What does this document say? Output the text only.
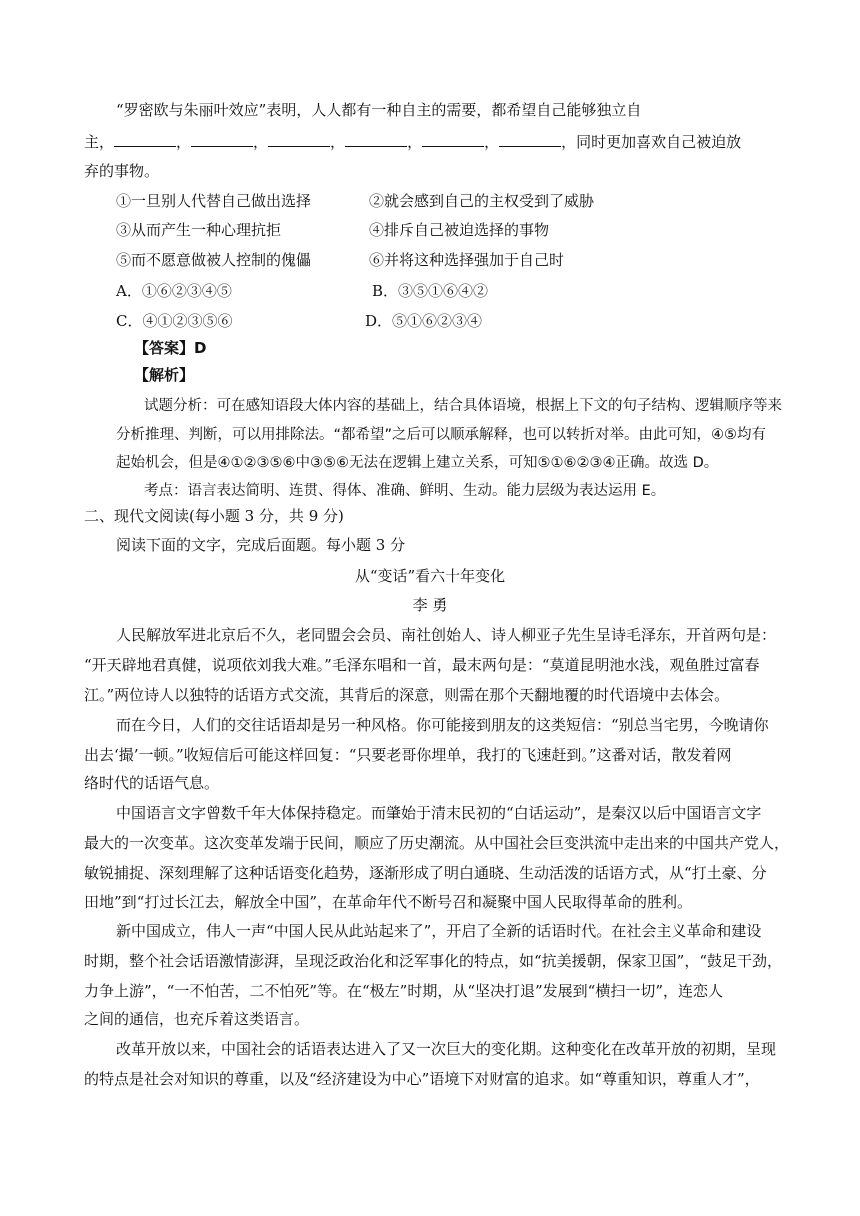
“罗密欧与朱丽叶效应”表明，人人都有一种自主的需要，都希望自己能够独立自
主，	，	，	，	，	，	，同时更加喜欢自己被迫放
弃的事物。
①一旦别人代替自己做出选择	②就会感到自己的主权受到了威胁
③从而产生一种心理抗拒	④排斥自己被迫选择的事物
⑤而不愿意做被人控制的傀儡	⑥并将这种选择强加于自己时
A．①⑥②③④⑤	B．③⑤①⑥④②
C．④①②③⑤⑥	D．⑤①⑥②③④
【答案】D
【解析】
试题分析：可在感知语段大体内容的基础上，结合具体语境，根据上下文的句子结构、逻辑顺序等来
分析推理、判断，可以用排除法。“都希望”之后可以顺承解释，也可以转折对举。由此可知，④⑤均有
起始机会，但是④①②③⑤⑥中③⑤⑥无法在逻辑上建立关系，可知⑤①⑥②③④正确。故选 D。
考点：语言表达简明、连贯、得体、准确、鲜明、生动。能力层级为表达运用 E。
二、现代文阅读(每小题 3 分，共 9 分)
阅读下面的文字，完成后面题。每小题 3 分
从“变话”看六十年变化
李 勇
人民解放军进北京后不久，老同盟会会员、南社创始人、诗人柳亚子先生呈诗毛泽东，开首两句是：
“开天辟地君真健，说项依刘我大难。”毛泽东唱和一首，最末两句是：“莫道昆明池水浅，观鱼胜过富春
江。”两位诗人以独特的话语方式交流，其背后的深意，则需在那个天翻地覆的时代语境中去体会。
而在今日，人们的交往话语却是另一种风格。你可能接到朋友的这类短信：“别总当宅男，今晚请你
出去‘撮’一顿。”收短信后可能这样回复：“只要老哥你埋单，我打的飞速赶到。”这番对话，散发着网
络时代的话语气息。
中国语言文字曾数千年大体保持稳定。而肇始于清末民初的“白话运动”，是秦汉以后中国语言文字
最大的一次变革。这次变革发端于民间，顺应了历史潮流。从中国社会巨变洪流中走出来的中国共产党人，
敏锐捕捉、深刻理解了这种话语变化趋势，逐渐形成了明白通晓、生动活泼的话语方式，从“打土豪、分
田地”到“打过长江去，解放全中国”，在革命年代不断号召和凝聚中国人民取得革命的胜利。
新中国成立，伟人一声“中国人民从此站起来了”，开启了全新的话语时代。在社会主义革命和建设
时期，整个社会话语激情澎湃，呈现泛政治化和泛军事化的特点，如“抗美援朝，保家卫国”，“鼓足干劲，
力争上游”，“一不怕苦，二不怕死”等。在“极左”时期，从“坚决打退”发展到“横扫一切”，连恋人
之间的通信，也充斥着这类语言。
改革开放以来，中国社会的话语表达进入了又一次巨大的变化期。这种变化在改革开放的初期，呈现
的特点是社会对知识的尊重，以及“经济建设为中心”语境下对财富的追求。如“尊重知识，尊重人才”，
